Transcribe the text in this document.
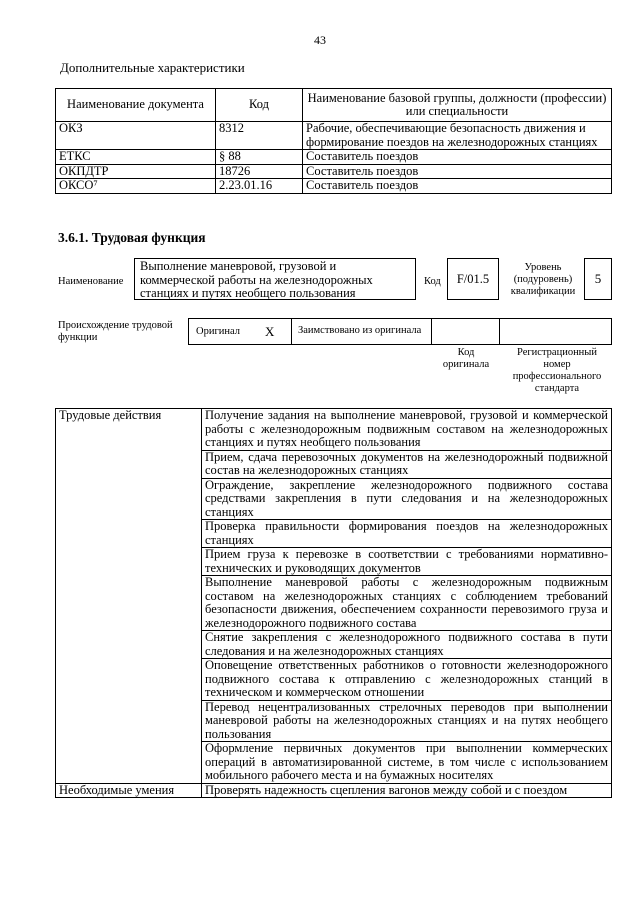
43
Дополнительные характеристики
Наименование документа	Код	Наименование базовой группы, должности (профессии) или специальности
ОКЗ	8312	Рабочие, обеспечивающие безопасность движения и формирование поездов на железнодорожных станциях
ЕТКС	§ 88	Составитель поездов
ОКПДТР	18726	Составитель поездов
ОКСО⁷	2.23.01.16	Составитель поездов
3.6.1. Трудовая функция
Наименование
Выполнение маневровой, грузовой и коммерческой работы на железнодорожных станциях и путях необщего пользования
Код	F/01.5
Уровень (подуровень) квалификации
5
Происхождение трудовой функции
Оригинал X	Заимствовано из оригинала
Код оригинала
Регистрационный номер профессионального стандарта
Трудовые действия	Получение задания на выполнение маневровой, грузовой и коммерческой работы с железнодорожным подвижным составом на железнодорожных станциях и путях необщего пользования
	Прием, сдача перевозочных документов на железнодорожный подвижной состав на железнодорожных станциях
	Ограждение, закрепление железнодорожного подвижного состава средствами закрепления в пути следования и на железнодорожных станциях
	Проверка правильности формирования поездов на железнодорожных станциях
	Прием груза к перевозке в соответствии с требованиями нормативно-технических и руководящих документов
	Выполнение маневровой работы с железнодорожным подвижным составом на железнодорожных станциях с соблюдением требований безопасности движения, обеспечением сохранности перевозимого груза и железнодорожного подвижного состава
	Снятие закрепления с железнодорожного подвижного состава в пути следования и на железнодорожных станциях
	Оповещение ответственных работников о готовности железнодорожного подвижного состава к отправлению с железнодорожных станций в техническом и коммерческом отношении
	Перевод нецентрализованных стрелочных переводов при выполнении маневровой работы на железнодорожных станциях и на путях необщего пользования
	Оформление первичных документов при выполнении коммерческих операций в автоматизированной системе, в том числе с использованием мобильного рабочего места и на бумажных носителях
Необходимые умения	Проверять надежность сцепления вагонов между собой и с поездом
